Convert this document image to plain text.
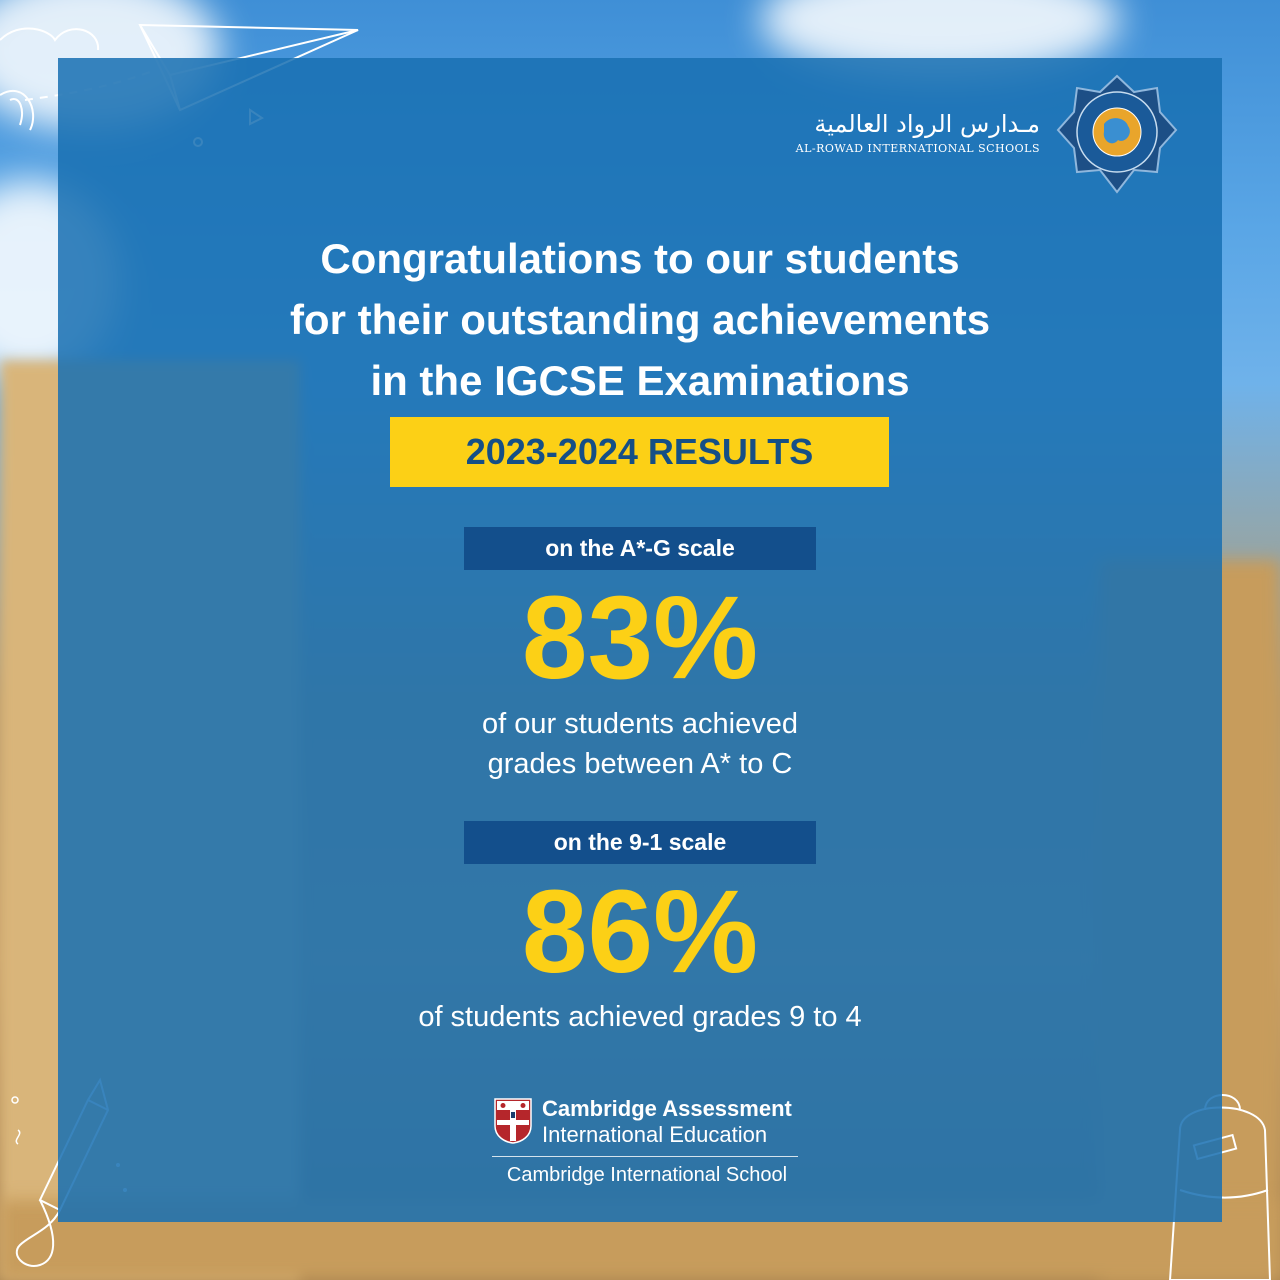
مـدارس الرواد العالمية
AL-ROWAD INTERNATIONAL SCHOOLS
Congratulations to our students
for their outstanding achievements
in the IGCSE Examinations
2023-2024 RESULTS
on the A*-G scale
83%
of our students achieved
grades between A* to C
on the 9-1 scale
86%
of students achieved grades 9 to 4
Cambridge Assessment
International Education
Cambridge International School
